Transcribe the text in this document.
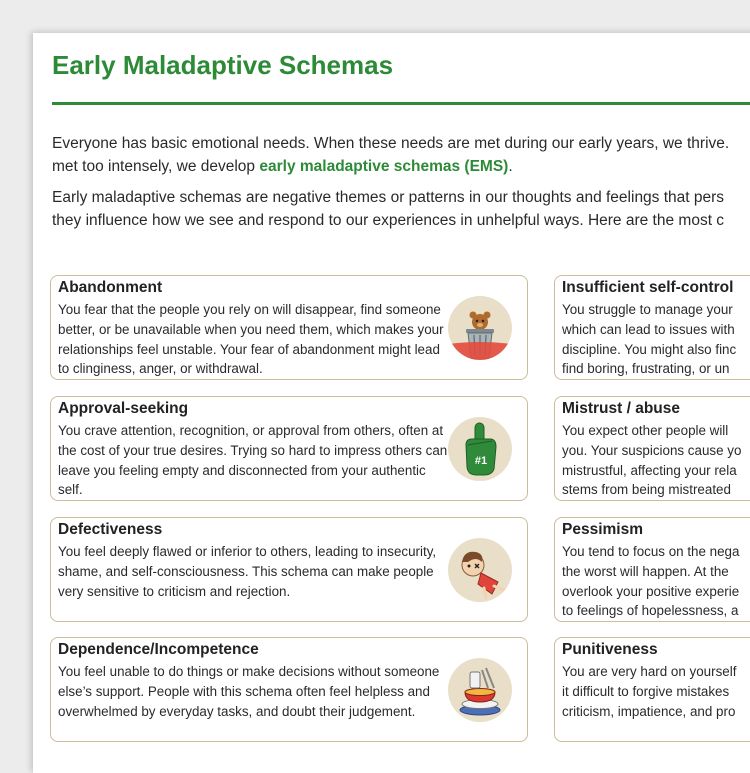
Early Maladaptive Schemas

Everyone has basic emotional needs. When these needs are met during our early years, we thrive.
met too intensely, we develop early maladaptive schemas (EMS).

Early maladaptive schemas are negative themes or patterns in our thoughts and feelings that pers
they influence how we see and respond to our experiences in unhelpful ways. Here are the most c

Abandonment

You fear that the people you rely on will disappear, find someone better, or be unavailable when you need them, which makes your relationships feel unstable. Your fear of abandonment might lead to clinginess, anger, or withdrawal.

Approval-seeking

You crave attention, recognition, or approval from others, often at the cost of your true desires. Trying so hard to impress others can leave you feeling empty and disconnected from your authentic self.

#1
Defectiveness

You feel deeply flawed or inferior to others, leading to insecurity, shame, and self-consciousness. This schema can make people very sensitive to criticism and rejection.

Dependence/Incompetence

You feel unable to do things or make decisions without someone else’s support. People with this schema often feel helpless and overwhelmed by everyday tasks, and doubt their judgement.

Insufficient self-control

You struggle to manage your
which can lead to issues with
discipline. You might also finc
find boring, frustrating, or un

Mistrust / abuse

You expect other people will
you. Your suspicions cause yo
mistrustful, affecting your rela
stems from being mistreated

Pessimism

You tend to focus on the nega
the worst will happen. At the
overlook your positive experie
to feelings of hopelessness, a

Punitiveness

You are very hard on yourself
it difficult to forgive mistakes
criticism, impatience, and pro
